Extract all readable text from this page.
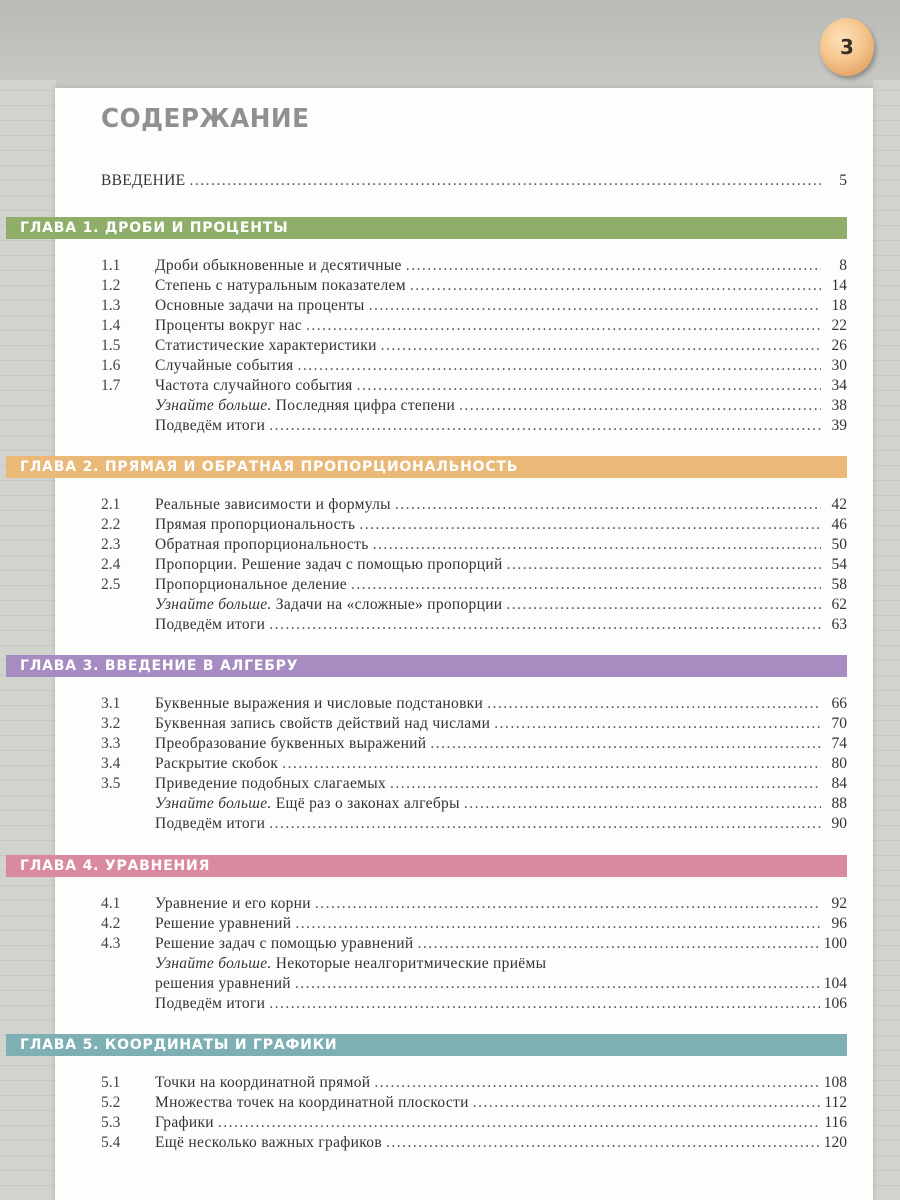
3
СОДЕРЖАНИЕ
ВВЕДЕНИЕ .....	5
ГЛАВА 1. ДРОБИ И ПРОЦЕНТЫ
1.1	Дроби обыкновенные и десятичные .....	8
1.2	Степень с натуральным показателем .....	14
1.3	Основные задачи на проценты .....	18
1.4	Проценты вокруг нас .....	22
1.5	Статистические характеристики .....	26
1.6	Случайные события .....	30
1.7	Частота случайного события .....	34
Узнайте больше. Последняя цифра степени .....	38
Подведём итоги .....	39
ГЛАВА 2. ПРЯМАЯ И ОБРАТНАЯ ПРОПОРЦИОНАЛЬНОСТЬ
2.1	Реальные зависимости и формулы .....	42
2.2	Прямая пропорциональность .....	46
2.3	Обратная пропорциональность .....	50
2.4	Пропорции. Решение задач с помощью пропорций .....	54
2.5	Пропорциональное деление .....	58
Узнайте больше. Задачи на «сложные» пропорции .....	62
Подведём итоги .....	63
ГЛАВА 3. ВВЕДЕНИЕ В АЛГЕБРУ
3.1	Буквенные выражения и числовые подстановки .....	66
3.2	Буквенная запись свойств действий над числами .....	70
3.3	Преобразование буквенных выражений .....	74
3.4	Раскрытие скобок .....	80
3.5	Приведение подобных слагаемых .....	84
Узнайте больше. Ещё раз о законах алгебры .....	88
Подведём итоги .....	90
ГЛАВА 4. УРАВНЕНИЯ
4.1	Уравнение и его корни .....	92
4.2	Решение уравнений .....	96
4.3	Решение задач с помощью уравнений .....	100
Узнайте больше. Некоторые неалгоритмические приёмы
решения уравнений .....	104
Подведём итоги .....	106
ГЛАВА 5. КООРДИНАТЫ И ГРАФИКИ
5.1	Точки на координатной прямой .....	108
5.2	Множества точек на координатной плоскости .....	112
5.3	Графики .....	116
5.4	Ещё несколько важных графиков .....	120
